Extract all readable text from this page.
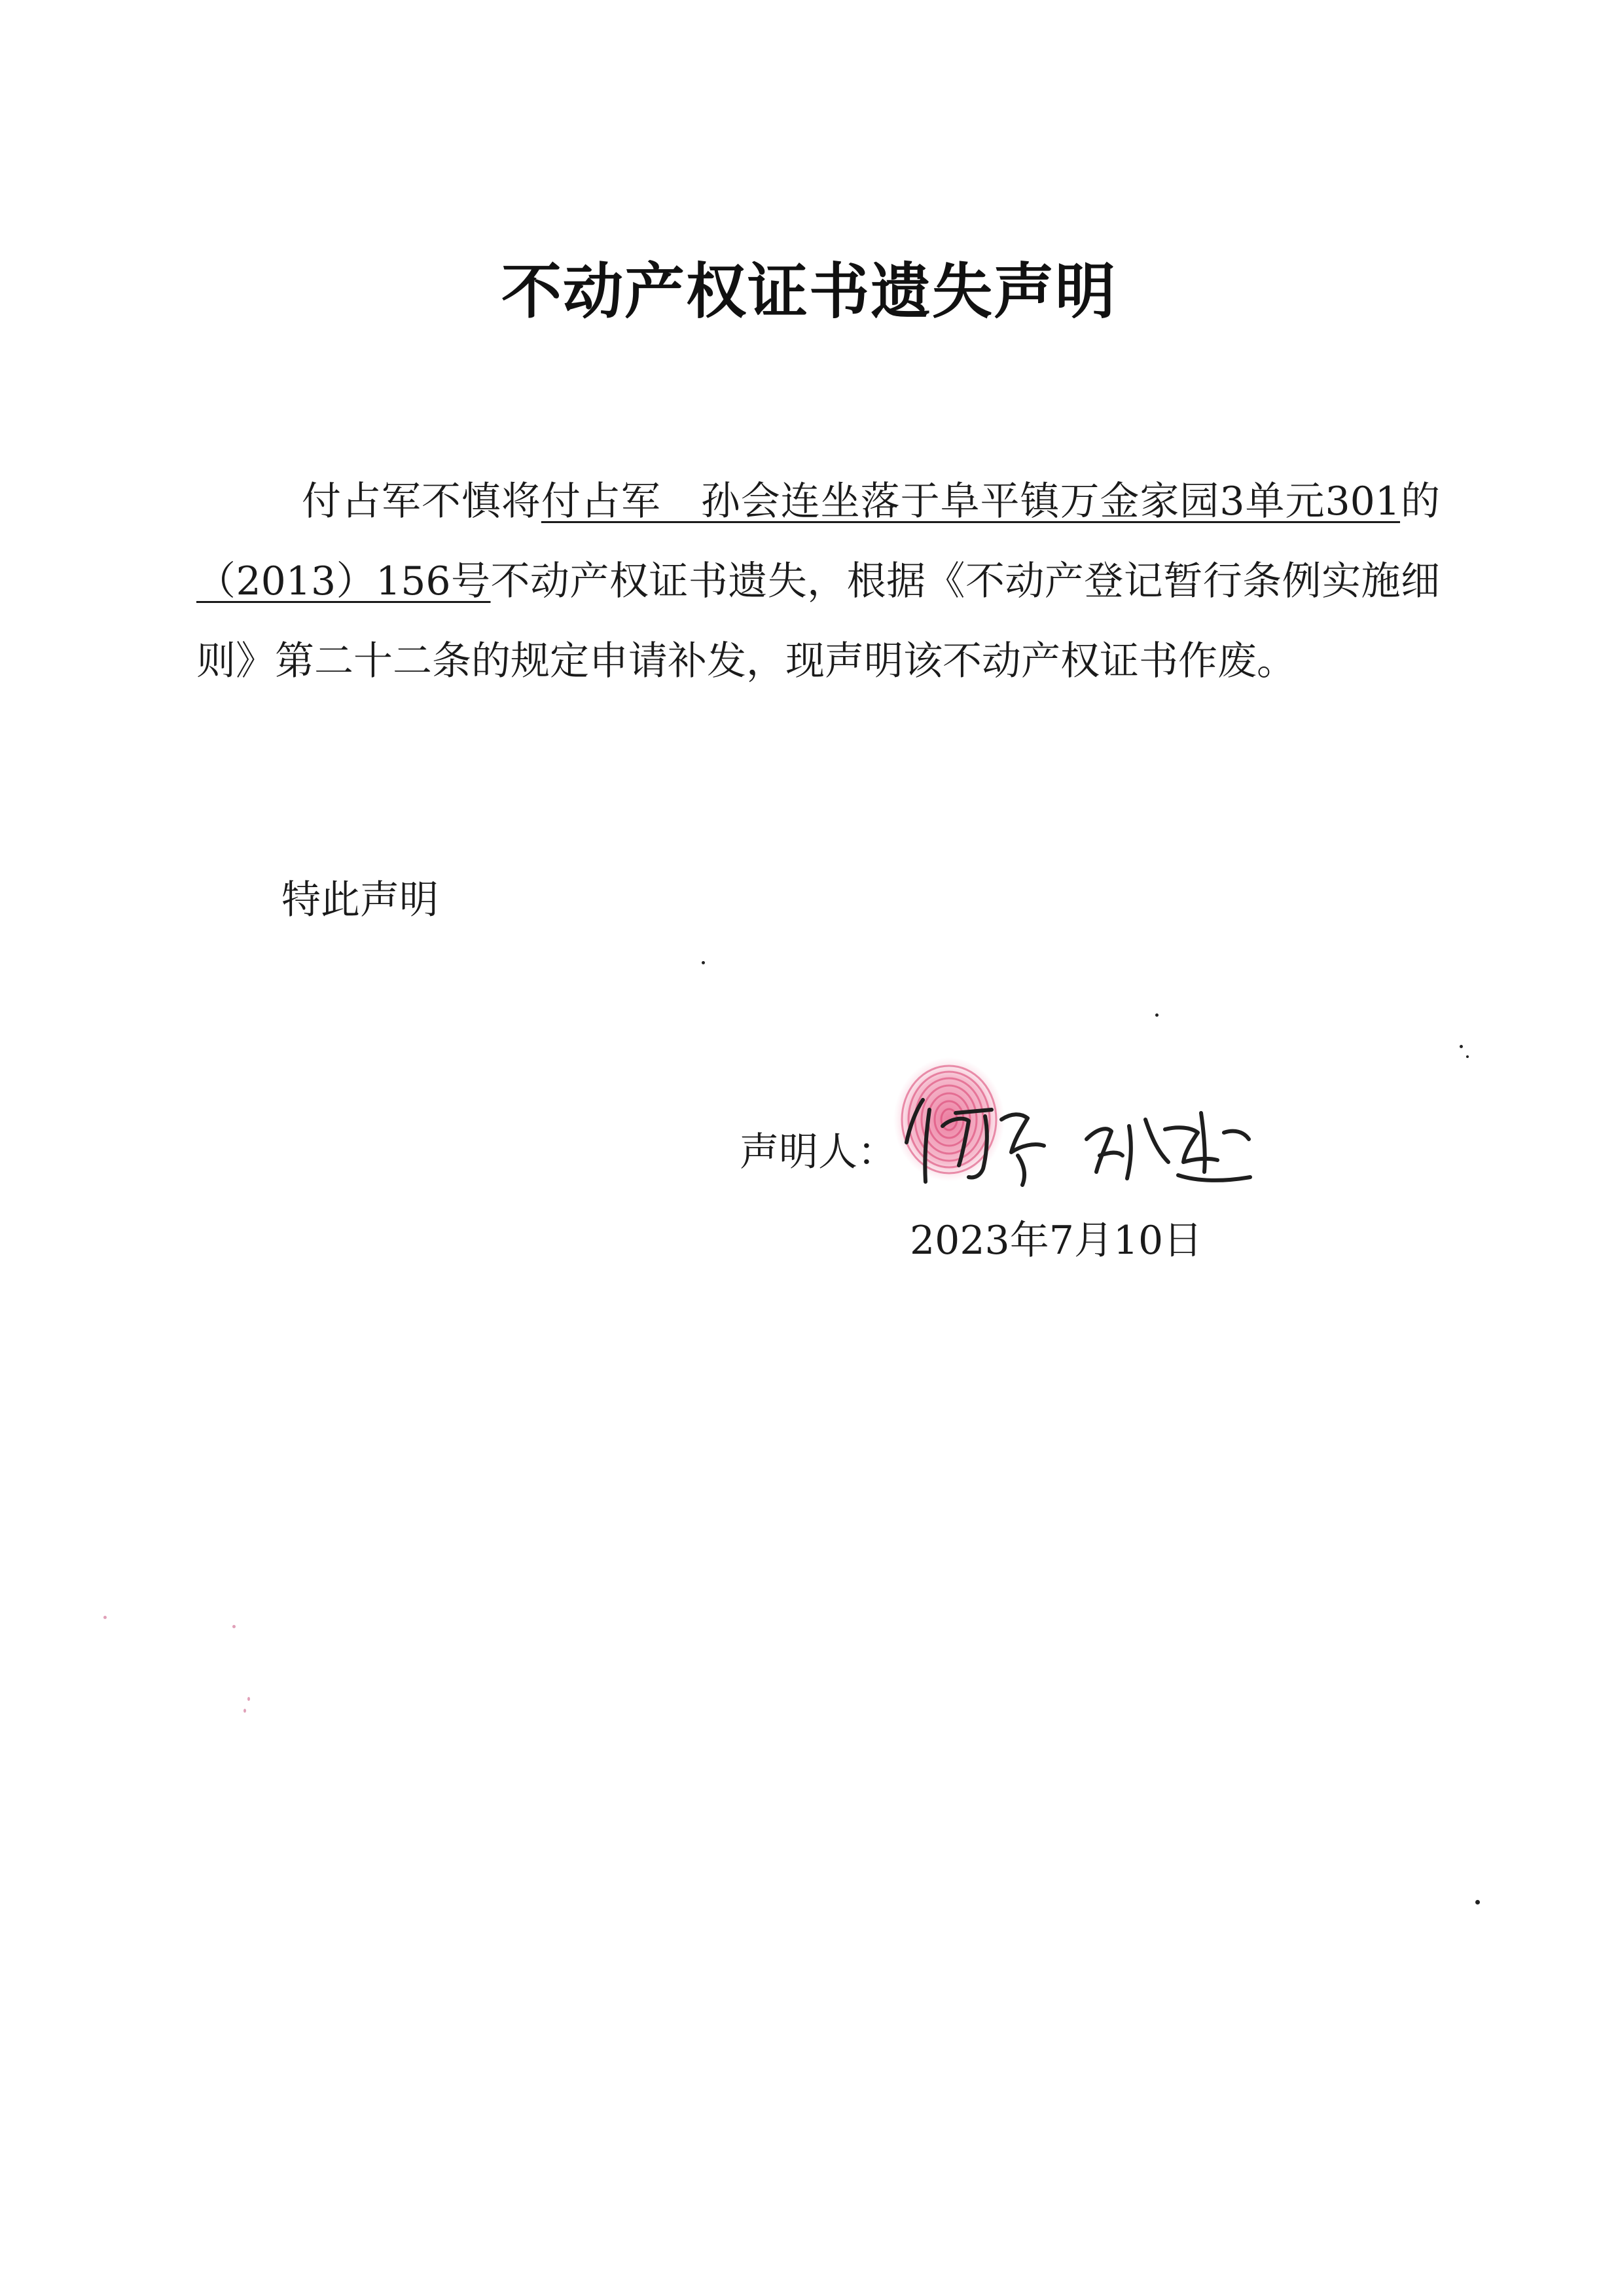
不动产权证书遗失声明
付占军不慎将付占军　孙会连坐落于阜平镇万金家园3单元301的（2013）156号不动产权证书遗失，根据《不动产登记暂行条例实施细则》第二十二条的规定申请补发，现声明该不动产权证书作废。
特此声明
声明人：
2023年7月10日
